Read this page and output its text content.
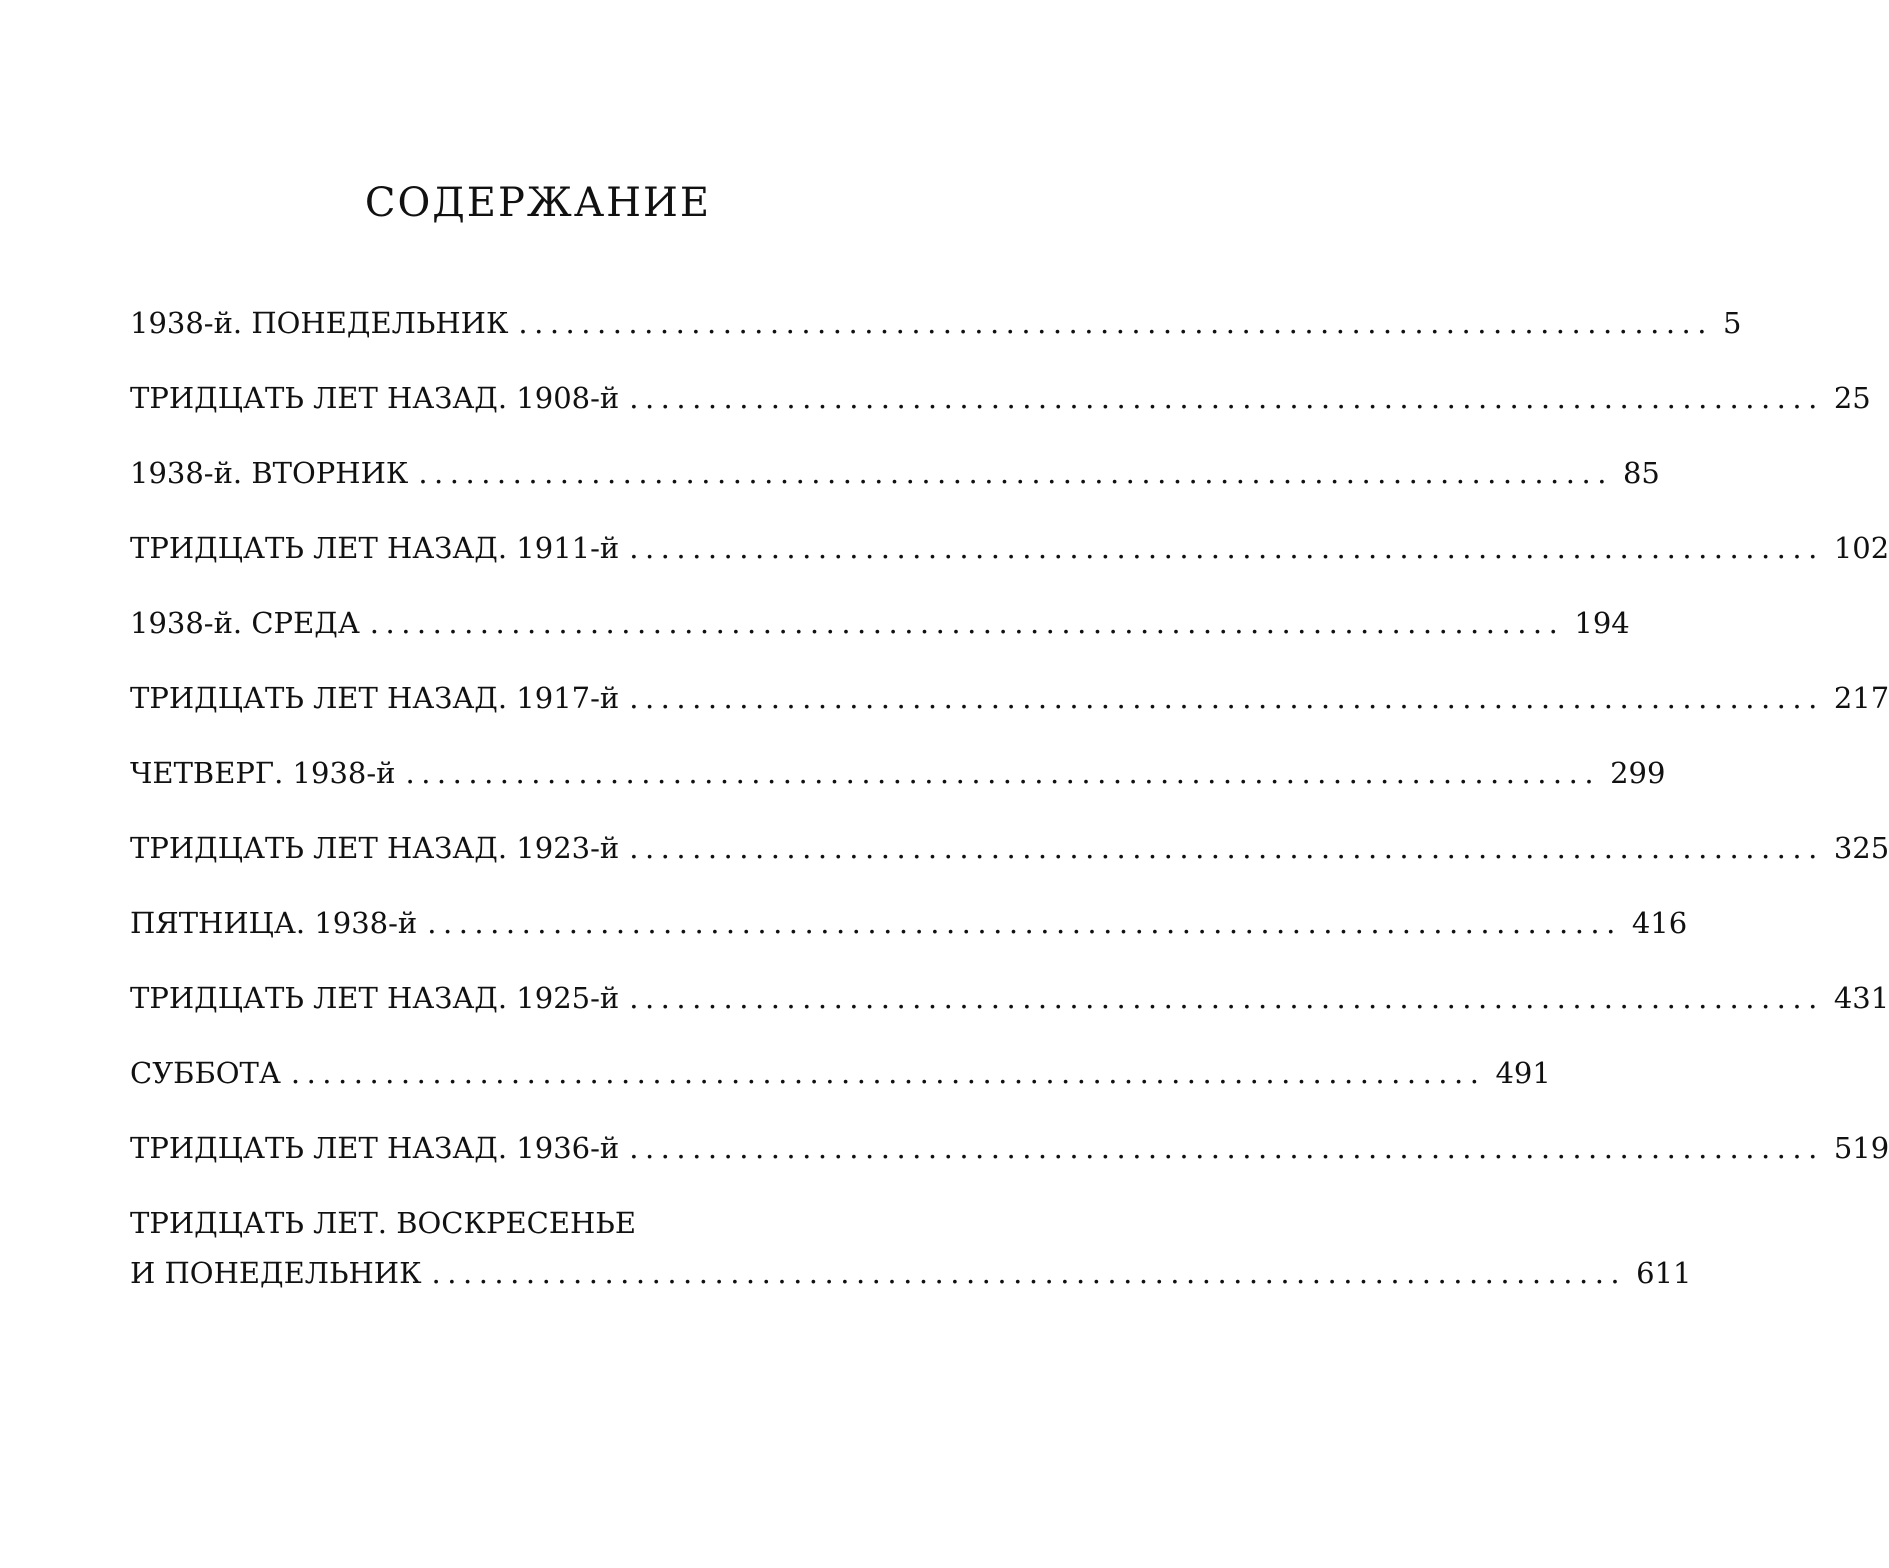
СОДЕРЖАНИЕ
1938-й. ПОНЕДЕЛЬНИК ............................................................................ 5
ТРИДЦАТЬ ЛЕТ НАЗАД. 1908-й ............................................................................ 25
1938-й. ВТОРНИК ............................................................................ 85
ТРИДЦАТЬ ЛЕТ НАЗАД. 1911-й ............................................................................ 102
1938-й. СРЕДА ............................................................................ 194
ТРИДЦАТЬ ЛЕТ НАЗАД. 1917-й ............................................................................ 217
ЧЕТВЕРГ. 1938-й ............................................................................ 299
ТРИДЦАТЬ ЛЕТ НАЗАД. 1923-й ............................................................................ 325
ПЯТНИЦА. 1938-й ............................................................................ 416
ТРИДЦАТЬ ЛЕТ НАЗАД. 1925-й ............................................................................ 431
СУББОТА ............................................................................ 491
ТРИДЦАТЬ ЛЕТ НАЗАД. 1936-й ............................................................................ 519
ТРИДЦАТЬ ЛЕТ. ВОСКРЕСЕНЬЕ
И ПОНЕДЕЛЬНИК ............................................................................ 611
